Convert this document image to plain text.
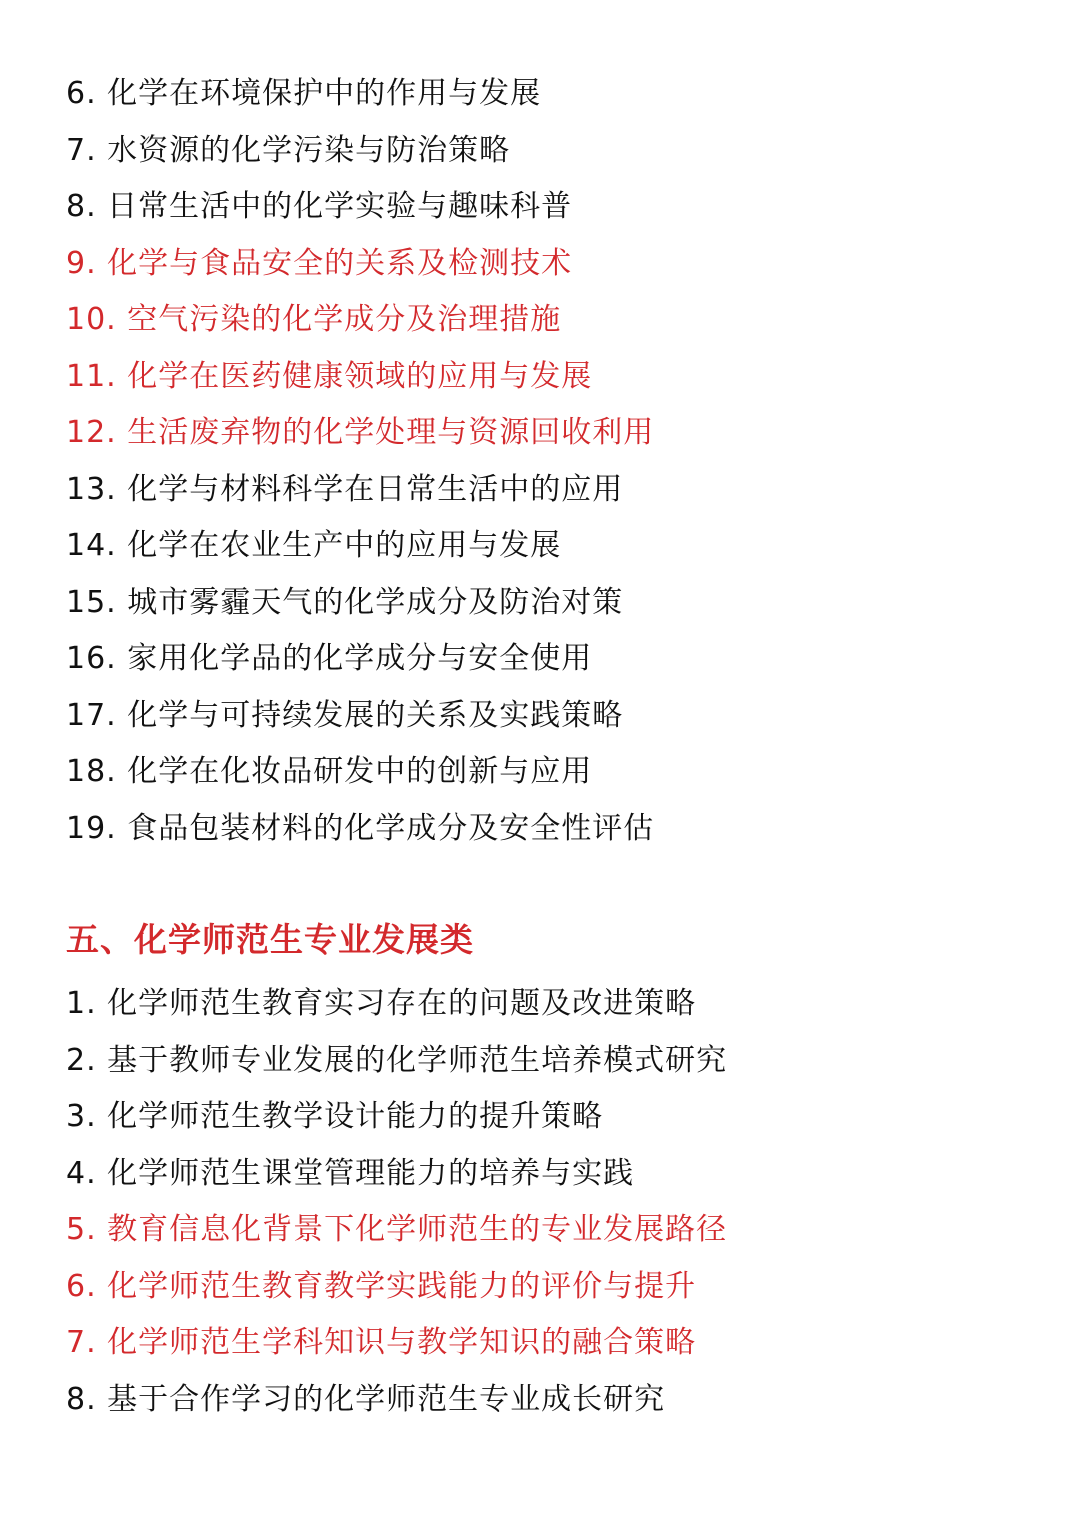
6. 化学在环境保护中的作用与发展
7. 水资源的化学污染与防治策略
8. 日常生活中的化学实验与趣味科普
9. 化学与食品安全的关系及检测技术
10. 空气污染的化学成分及治理措施
11. 化学在医药健康领域的应用与发展
12. 生活废弃物的化学处理与资源回收利用
13. 化学与材料科学在日常生活中的应用
14. 化学在农业生产中的应用与发展
15. 城市雾霾天气的化学成分及防治对策
16. 家用化学品的化学成分与安全使用
17. 化学与可持续发展的关系及实践策略
18. 化学在化妆品研发中的创新与应用
19. 食品包装材料的化学成分及安全性评估
五、化学师范生专业发展类
1. 化学师范生教育实习存在的问题及改进策略
2. 基于教师专业发展的化学师范生培养模式研究
3. 化学师范生教学设计能力的提升策略
4. 化学师范生课堂管理能力的培养与实践
5. 教育信息化背景下化学师范生的专业发展路径
6. 化学师范生教育教学实践能力的评价与提升
7. 化学师范生学科知识与教学知识的融合策略
8. 基于合作学习的化学师范生专业成长研究
